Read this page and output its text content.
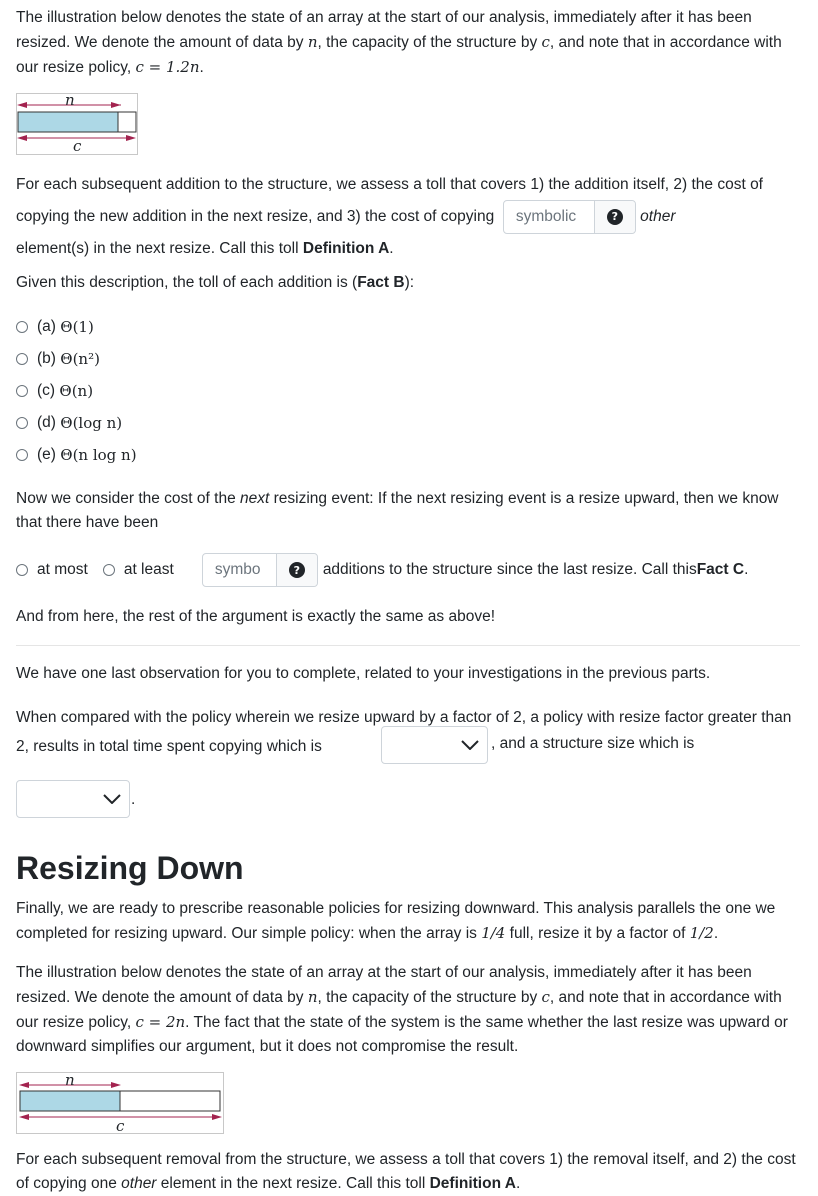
The illustration below denotes the state of an array at the start of our analysis, immediately after it has been resized. We denote the amount of data by n, the capacity of the structure by c, and note that in accordance with our resize policy, c = 1.2n.

n
c

For each subsequent addition to the structure, we assess a toll that covers 1) the addition itself, 2) the cost of copying the new addition in the next resize, and 3) the cost of copying
symbolic	?	other
element(s) in the next resize. Call this toll Definition A.

Given this description, the toll of each addition is (Fact B):

(a)
Θ(1)
(b)
Θ(n²)
(c)
Θ(n)
(d)
Θ(log n)
(e)
Θ(n log n)

Now we consider the cost of the next resizing event: If the next resizing event is a resize upward, then we know that there have been

at most at least
symbo	?	additions to the structure since the last resize. Call this Fact C .

And from here, the rest of the argument is exactly the same as above!

We have one last observation for you to complete, related to your investigations in the previous parts.

When compared with the policy wherein we resize upward by a factor of 2, a policy with resize factor greater than 2, results in total time spent copying which is	, and a structure size which is
.
Resizing Down

Finally, we are ready to prescribe reasonable policies for resizing downward. This analysis parallels the one we completed for resizing upward. Our simple policy: when the array is 1/4 full, resize it by a factor of 1/2.

The illustration below denotes the state of an array at the start of our analysis, immediately after it has been resized. We denote the amount of data by n, the capacity of the structure by c, and note that in accordance with our resize policy, c = 2n. The fact that the state of the system is the same whether the last resize was upward or downward simplifies our argument, but it does not compromise the result.

n
c

For each subsequent removal from the structure, we assess a toll that covers 1) the removal itself, and 2) the cost of copying one other element in the next resize. Call this toll Definition A.
